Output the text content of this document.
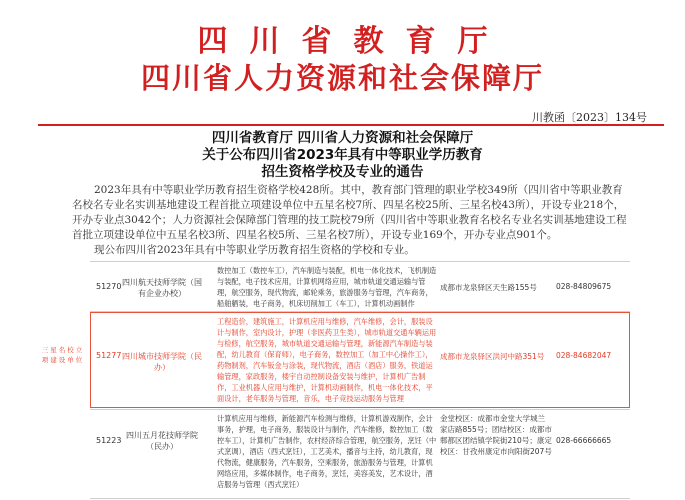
四川省教育厅
四川省人力资源和社会保障厅
川教函〔2023〕134号
四川省教育厅 四川省人力资源和社会保障厅
关于公布四川省2023年具有中等职业学历教育
招生资格学校及专业的通告
2023年具有中等职业学历教育招生资格学校428所。其中，教育部门管理的职业学校349所（四川省中等职业教育名校名专业名实训基地建设工程首批立项建设单位中五星名校7所、四星名校25所、三星名校43所），开设专业218个，开办专业点3042个；人力资源社会保障部门管理的技工院校79所（四川省中等职业教育名校名专业名实训基地建设工程首批立项建设单位中五星名校3所、四星名校5所、三星名校7所），开设专业169个，开办专业点901个。
现公布四川省2023年具有中等职业学历教育招生资格的学校和专业。
51270 四川航天技师学院（国有企业办校）
数控加工（数控车工），汽车制造与装配，机电一体化技术，飞机制造与装配，电子技术应用，计算机网络应用，城市轨道交通运输与管理，航空服务，现代物流，邮轮乘务，旅游服务与管理，汽车商务，船舶舾装，电子商务，机床切削加工（车工），计算机动画制作
成都市龙泉驿区天生路155号	028-84809675
三星名校立项建设单位 51277 四川城市技师学院（民办）
工程造价，建筑施工，计算机应用与维修，汽车维修，会计，服装设计与制作，室内设计，护理（非医药卫生类），城市轨道交通车辆运用与检修，航空服务，城市轨道交通运输与管理，新能源汽车制造与装配，幼儿教育（保育师），电子商务，数控加工（加工中心操作工），药物制剂，汽车钣金与涂装，现代物流，酒店（酒店）服务，铁道运输管理，家政服务，楼宇自动控制设备安装与维护，计算机广告制作，工业机器人应用与维护，计算机动画制作，机电一体化技术，平面设计，老年服务与管理，音乐，电子竞技运动服务与管理
成都市龙泉驿区洪河中路351号	028-84682047
51223
四川五月花技师学院（民办）
计算机应用与维修，新能源汽车检测与维修，计算机游戏制作，会计事务，护理，电子商务，服装设计与制作，汽车维修，数控加工（数控车工），计算机广告制作，农村经济综合管理，航空服务，烹饪（中式烹调），酒店（西式烹饪），工艺美术，播音与主持，幼儿教育，现代物流，健康服务，汽车服务，空乘服务，旅游服务与管理，计算机网络应用，多媒体制作，电子商务，烹饪，美容美发，艺术设计，酒店服务与管理（西式烹饪）
金堂校区：成都市金堂大学城兰家店路855号；团结校区：成都市郫都区团结镇学院街210号；康定校区：甘孜州康定市向阳街207号
028-66666665
